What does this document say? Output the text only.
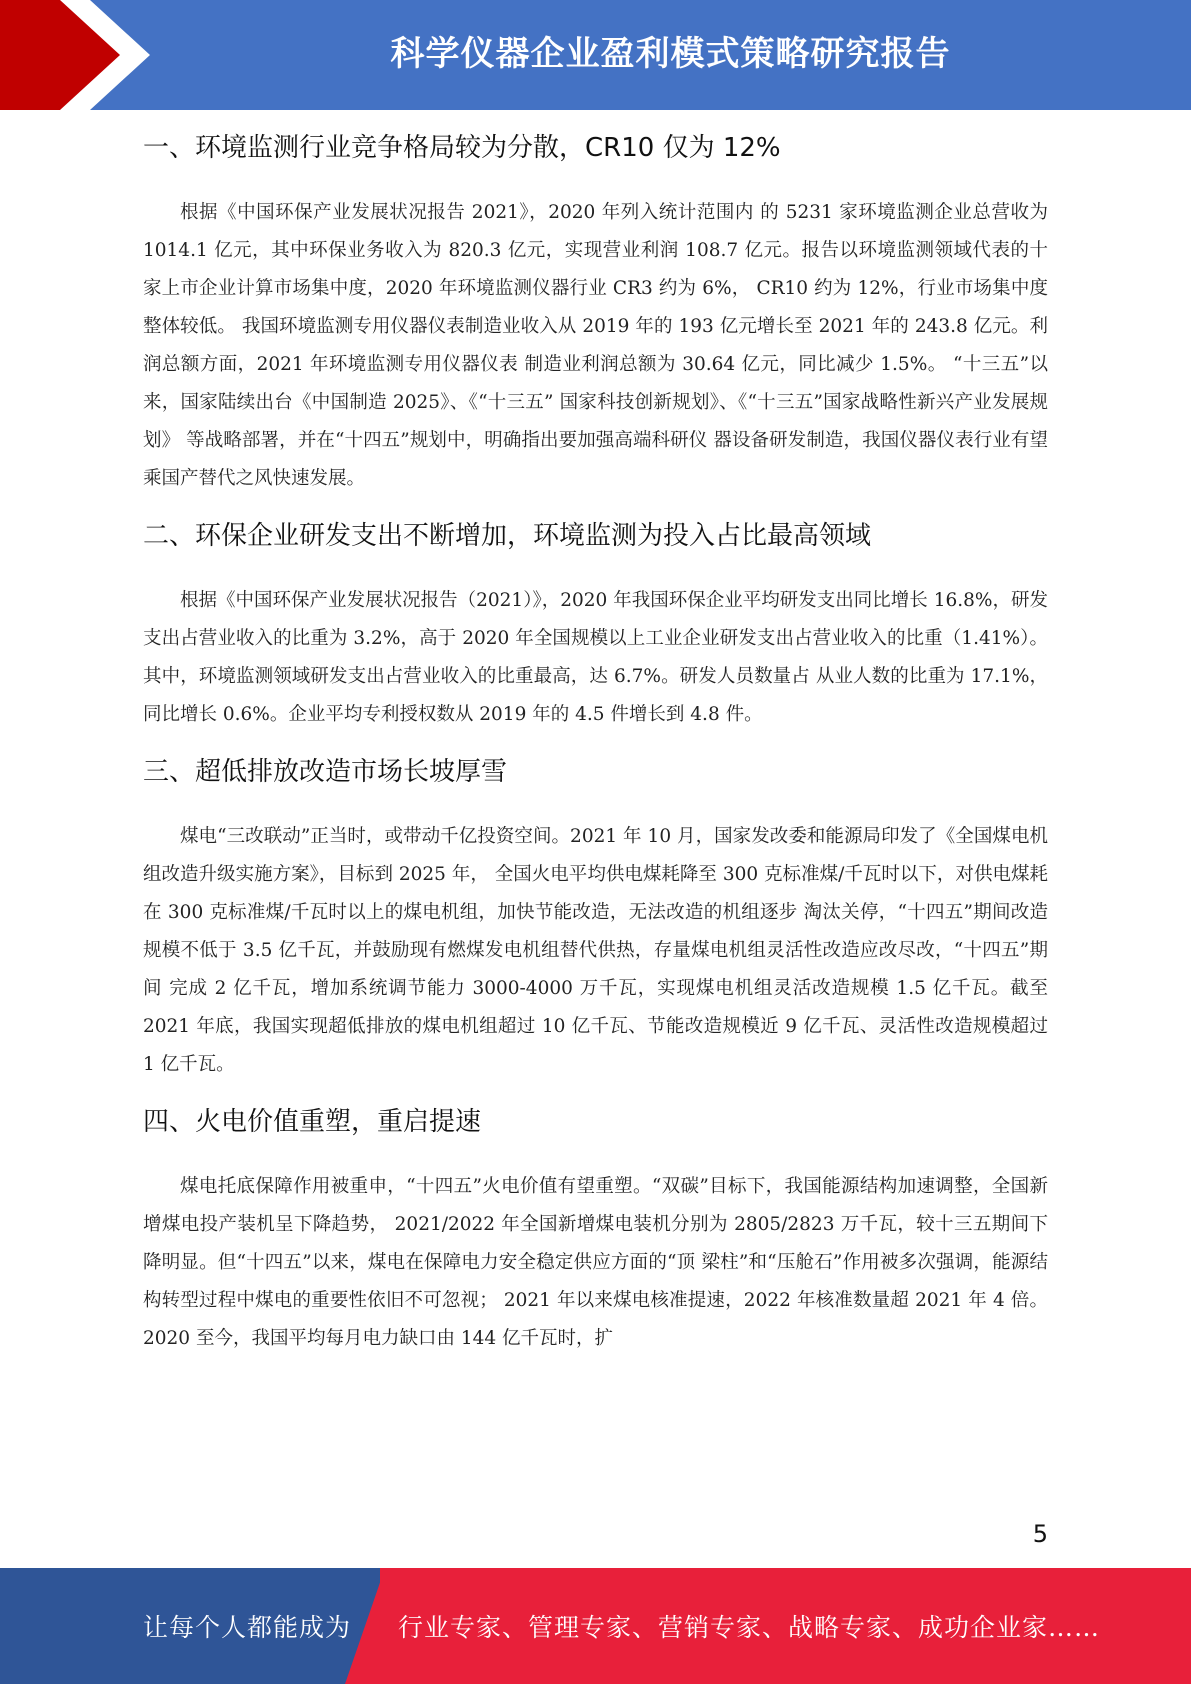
科学仪器企业盈利模式策略研究报告
一、环境监测行业竞争格局较为分散，CR10 仅为 12%

根据《中国环保产业发展状况报告 2021》，2020 年列入统计范围内 的 5231 家环境监测企业总营收为 1014.1 亿元，其中环保业务收入为 820.3 亿元，实现营业利润 108.7 亿元。报告以环境监测领域代表的十 家上市企业计算市场集中度，2020 年环境监测仪器行业 CR3 约为 6%， CR10 约为 12%，行业市场集中度整体较低。 我国环境监测专用仪器仪表制造业收入从 2019 年的 193 亿元增长至 2021 年的 243.8 亿元。利润总额方面，2021 年环境监测专用仪器仪表 制造业利润总额为 30.64 亿元，同比减少 1.5%。 “十三五”以来，国家陆续出台《中国制造 2025》、《“十三五” 国家科技创新规划》、《“十三五”国家战略性新兴产业发展规划》 等战略部署，并在“十四五”规划中，明确指出要加强高端科研仪 器设备研发制造，我国仪器仪表行业有望乘国产替代之风快速发展。

二、环保企业研发支出不断增加，环境监测为投入占比最高领域

根据《中国环保产业发展状况报告（2021）》，2020 年我国环保企业平均研发支出同比增长 16.8%，研发支出占营业收入的比重为 3.2%，高于 2020 年全国规模以上工业企业研发支出占营业收入的比重（1.41%）。其中，环境监测领域研发支出占营业收入的比重最高，达 6.7%。研发人员数量占 从业人数的比重为 17.1%，同比增长 0.6%。企业平均专利授权数从 2019 年的 4.5 件增长到 4.8 件。

三、超低排放改造市场长坡厚雪

煤电“三改联动”正当时，或带动千亿投资空间。2021 年 10 月，国家发改委和能源局印发了《全国煤电机组改造升级实施方案》，目标到 2025 年， 全国火电平均供电煤耗降至 300 克标准煤/千瓦时以下，对供电煤耗在 300 克标准煤/千瓦时以上的煤电机组，加快节能改造，无法改造的机组逐步 淘汰关停，“十四五”期间改造规模不低于 3.5 亿千瓦，并鼓励现有燃煤发电机组替代供热，存量煤电机组灵活性改造应改尽改，“十四五”期间 完成 2 亿千瓦，增加系统调节能力 3000-4000 万千瓦，实现煤电机组灵活改造规模 1.5 亿千瓦。截至 2021 年底，我国实现超低排放的煤电机组超过 10 亿千瓦、节能改造规模近 9 亿千瓦、灵活性改造规模超过 1 亿千瓦。

四、火电价值重塑，重启提速

煤电托底保障作用被重申，“十四五”火电价值有望重塑。“双碳”目标下，我国能源结构加速调整，全国新增煤电投产装机呈下降趋势， 2021/2022 年全国新增煤电装机分别为 2805/2823 万千瓦，较十三五期间下降明显。但“十四五”以来，煤电在保障电力安全稳定供应方面的“顶 梁柱”和“压舱石”作用被多次强调，能源结构转型过程中煤电的重要性依旧不可忽视； 2021 年以来煤电核准提速，2022 年核准数量超 2021 年 4 倍。2020 至今，我国平均每月电力缺口由 144 亿千瓦时，扩

5
让每个人都能成为 行业专家、管理专家、营销专家、战略专家、成功企业家……
